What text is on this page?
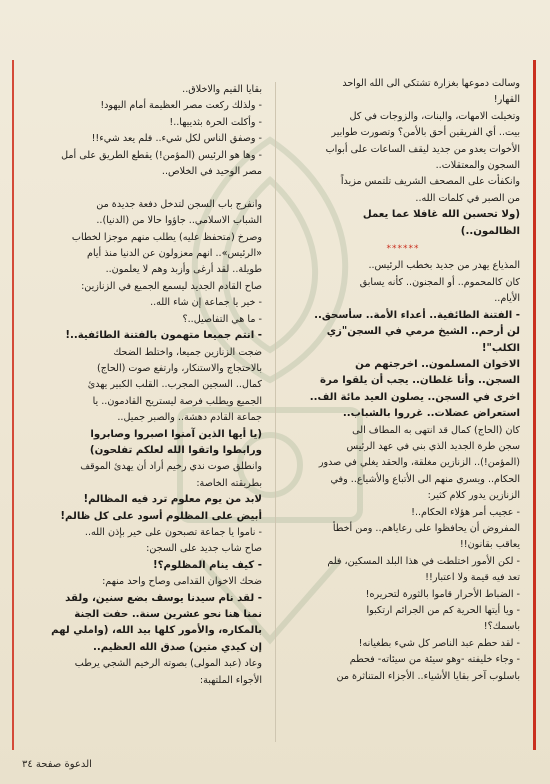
وسالت دموعها بغزارة تشتكي الى الله الواحد
القهار!
وتخيلت الامهات، والبنات، والزوجات في كل
بيت.. أي الفريقين أحق بالأمن؟ وتصورت طوابير
الأخوات يعدو من جديد ليقف الساعات على أبواب
السجون والمعتقلات..
وانكفأت على المصحف الشريف تلتمس مزيداً
من الصبر في كلمات الله..
(ولا تحسبن الله غافلا عما يعمل
الظالمون..)
******
المذياع يهدر من جديد بخطب الرئيس..
كان كالمحموم.. أو المجنون.. كأنه يسابق
الأيام..
- الفتنة الطائفية.. أعداء الأمة.. سأسحق..
لن أرحم.. الشيخ مرمي في السجن"زي
الكلب"!
الاخوان المسلمون.. اخرجتهم من
السجن.. وأنا غلطان.. يجب أن يلقوا مرة
اخرى في السجن.. يصلون العيد مائة الف..
استعراض عضلات.. غرروا بالشباب..
كان (الحاج) كمال قد انتهى به المطاف الى
سجن طرة الجديد الذي بني في عهد الرئيس
(المؤمن!).. الزنازين مغلقة، والحقد يغلي في صدور
الحكام.. ويسري منهم الى الأتباع والأشياع.. وفي
الزنازين يدور كلام كثير:
- عجيب أمر هؤلاء الحكام..!
المفروض أن يحافظوا على رعاياهم.. ومن أخطأ
يعاقب بقانون!!
- لكن الأمور اختلطت في هذا البلد المسكين، فلم
تعد فيه قيمة ولا اعتبار!!
- الضباط الأحرار قاموا بالثورة لتحريره!
- ويا أيتها الحرية كم من الجرائم ارتكبوا
باسمك؟!
- لقد حطم عبد الناصر كل شيء بطغيانه!
- وجاء خليفته -وهو سيئة من سيئاته- فحطم
باسلوب آخر بقايا الأشياء.. الأجزاء المتناثرة من
بقايا القيم والاخلاق..
- ولذلك ركعت مصر العظيمة أمام اليهود!
- وأكلت الحرة بثدييها..!
- وصفق الناس لكل شيء.. فلم يعد شيء!!
- وها هو الرئيس (المؤمن!) يقطع الطريق على أمل
مصر الوحيد في الخلاص..

وانفرج باب السجن لتدخل دفعة جديدة من
الشباب الاسلامي.. جاؤوا حالا من (الدنيا)..
وصرخ (متحفظ عليه) يطلب منهم موجزا لخطاب
«الرئيس».. انهم معزولون عن الدنيا منذ أيام
طويلة.. لقد أرغى وأزبد وهم لا يعلمون..
صاح القادم الجديد ليسمع الجميع في الزنازين:
- خير يا جماعة إن شاء الله..
- ما هي التفاصيل..؟
- انتم جميعا متهمون بالفتنة الطائفية..!
ضجت الزنازين جميعا، واختلط الضحك
بالاحتجاج والاستنكار، وارتفع صوت (الحاج)
كمال.. السجين المجرب.. القلب الكبير يهدئ
الجميع ويطلب فرصة ليستريح القادمون.. يا
جماعة القادم دهشة.. والصبر جميل..
(يا أيها الذين آمنوا اصبروا وصابروا
ورابطوا واتقوا الله لعلكم تفلحون)
وانطلق صوت ندي رخيم أراد أن يهدئ الموقف
بطريقته الخاصة:
لابد من يوم معلوم ترد فيه المظالم!
أبيض على المظلوم أسود على كل ظالم!
- ناموا يا جماعة تصبحون على خير بإذن الله..
صاح شاب جديد على السجن:
- كيف ينام المظلوم؟!
ضحك الاخوان القدامى وصاح واحد منهم:
- لقد نام سيدنا يوسف بضع سنين، ولقد
نمنا هنا نحو عشرين سنة.. حفت الجنة
بالمكاره، والأمور كلها بيد الله، (واملي لهم
إن كيدي متين) صدق الله العظيم..
وعاد (عبد المولى) بصوته الرخيم الشجي يرطب
الأجواء الملتهبة:
الدعوة صفحة ٣٤
